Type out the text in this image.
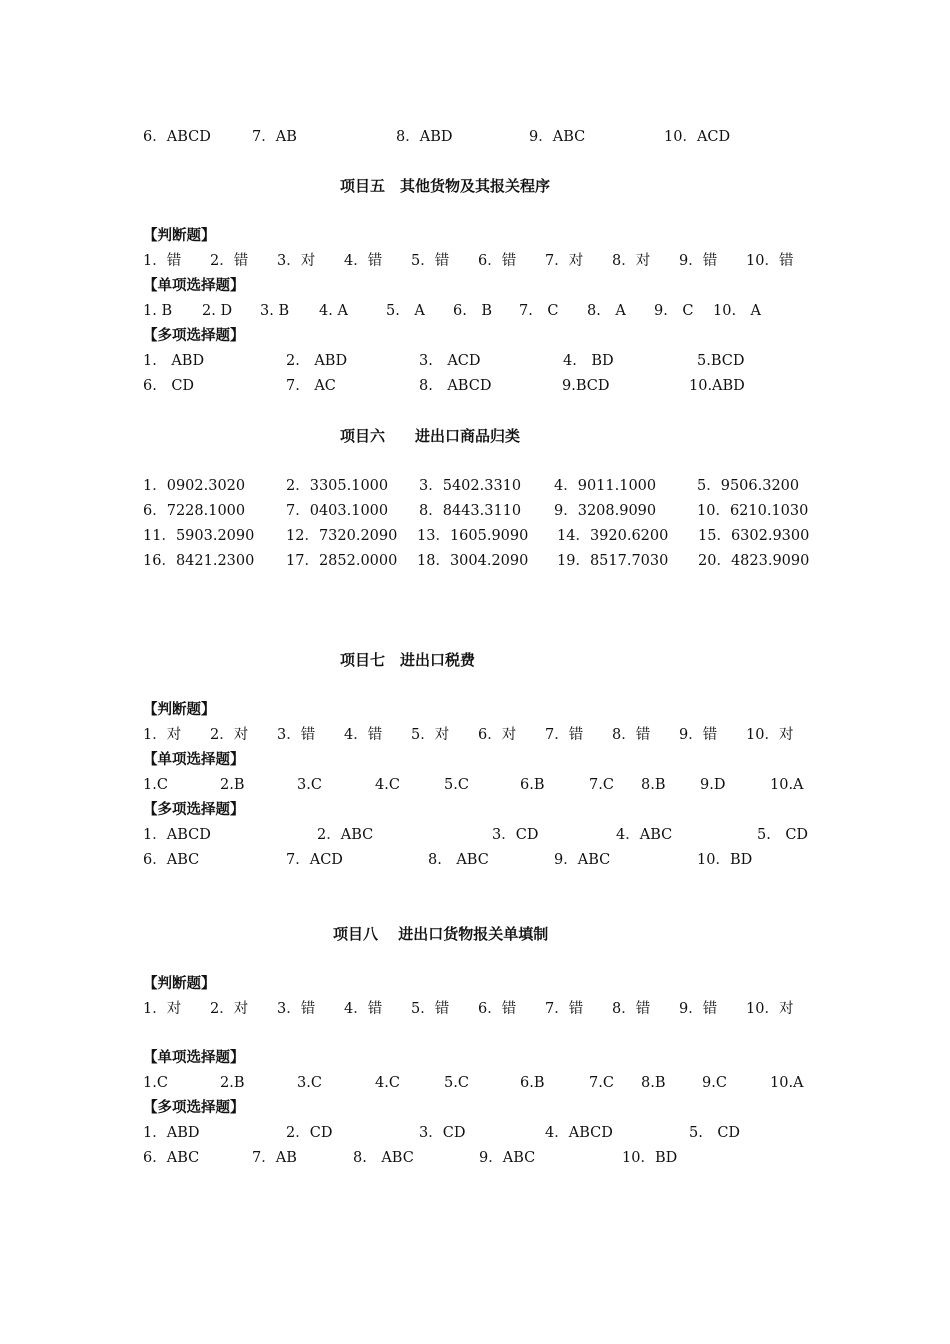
6．ABCD	7．AB	8．ABD	9．ABC	10．ACD
项目五　其他货物及其报关程序
【判断题】
1．错 2．错 3．对 4．错 5．错 6．错 7．对 8．对 9．错 10．错
【单项选择题】
1. B 2. D 3. B 4. A	5.　A 6.　B 7.　C 8.　A 9.　C 10.　A
【多项选择题】
1.　ABD	2.　ABD	3.　ACD	4.　BD	5.BCD
6.　CD	7.　AC	8.　ABCD	9.BCD	10.ABD
项目六　　进出口商品归类
1．0902.3020	2．3305.1000 3．5402.3310 4．9011.1000	5．9506.3200
6．7228.1000	7．0403.1000 8．8443.3110 9．3208.9090	10．6210.1030
11．5903.2090 12．7320.2090 13．1605.9090 14．3920.6200 15．6302.9300
16．8421.2300 17．2852.0000 18．3004.2090 19．8517.7030 20．4823.9090
项目七　进出口税费
【判断题】
1．对 2．对 3．错 4．错 5．对 6．对 7．错 8．错 9．错 10．对
【单项选择题】
1.C	2.B	3.C	4.C	5.C	6.B	7.C 8.B 9.D	10.A
【多项选择题】
1．ABCD	2．ABC	3．CD	4．ABC	5.　CD
6．ABC	7．ACD	8.　ABC	9．ABC	10．BD
项目八　 进出口货物报关单填制
【判断题】
1．对 2．对 3．错 4．错 5．错 6．错 7．错 8．错 9．错 10．对
【单项选择题】
1.C	2.B	3.C	4.C	5.C	6.B	7.C 8.B	9.C	10.A
【多项选择题】
1．ABD	2．CD	3．CD	4．ABCD	5.　CD
6．ABC	7．AB	8.　ABC	9．ABC	10．BD
